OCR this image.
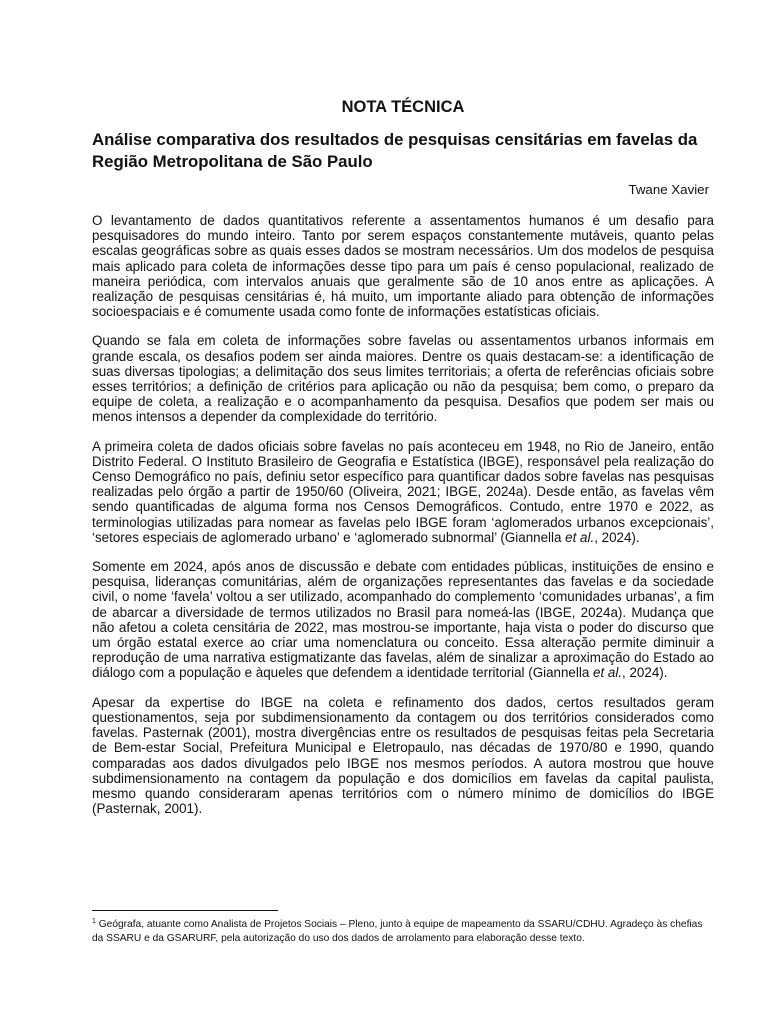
NOTA TÉCNICA
Análise comparativa dos resultados de pesquisas censitárias em favelas da Região Metropolitana de São Paulo
Twane Xavier

O levantamento de dados quantitativos referente a assentamentos humanos é um desafio para pesquisadores do mundo inteiro. Tanto por serem espaços constantemente mutáveis, quanto pelas escalas geográficas sobre as quais esses dados se mostram necessários. Um dos modelos de pesquisa mais aplicado para coleta de informações desse tipo para um país é censo populacional, realizado de maneira periódica, com intervalos anuais que geralmente são de 10 anos entre as aplicações. A realização de pesquisas censitárias é, há muito, um importante aliado para obtenção de informações socioespaciais e é comumente usada como fonte de informações estatísticas oficiais.

Quando se fala em coleta de informações sobre favelas ou assentamentos urbanos informais em grande escala, os desafios podem ser ainda maiores. Dentre os quais destacam-se: a identificação de suas diversas tipologias; a delimitação dos seus limites territoriais; a oferta de referências oficiais sobre esses territórios; a definição de critérios para aplicação ou não da pesquisa; bem como, o preparo da equipe de coleta, a realização e o acompanhamento da pesquisa. Desafios que podem ser mais ou menos intensos a depender da complexidade do território.

A primeira coleta de dados oficiais sobre favelas no país aconteceu em 1948, no Rio de Janeiro, então Distrito Federal. O Instituto Brasileiro de Geografia e Estatística (IBGE), responsável pela realização do Censo Demográfico no país, definiu setor específico para quantificar dados sobre favelas nas pesquisas realizadas pelo órgão a partir de 1950/60 (Oliveira, 2021; IBGE, 2024a). Desde então, as favelas vêm sendo quantificadas de alguma forma nos Censos Demográficos. Contudo, entre 1970 e 2022, as terminologias utilizadas para nomear as favelas pelo IBGE foram ‘aglomerados urbanos excepcionais’, ‘setores especiais de aglomerado urbano’ e ‘aglomerado subnormal’ (Giannella et al., 2024).

Somente em 2024, após anos de discussão e debate com entidades públicas, instituições de ensino e pesquisa, lideranças comunitárias, além de organizações representantes das favelas e da sociedade civil, o nome ‘favela’ voltou a ser utilizado, acompanhado do complemento ‘comunidades urbanas’, a fim de abarcar a diversidade de termos utilizados no Brasil para nomeá-las (IBGE, 2024a). Mudança que não afetou a coleta censitária de 2022, mas mostrou-se importante, haja vista o poder do discurso que um órgão estatal exerce ao criar uma nomenclatura ou conceito. Essa alteração permite diminuir a reprodução de uma narrativa estigmatizante das favelas, além de sinalizar a aproximação do Estado ao diálogo com a população e àqueles que defendem a identidade territorial (Giannella et al., 2024).

Apesar da expertise do IBGE na coleta e refinamento dos dados, certos resultados geram questionamentos, seja por subdimensionamento da contagem ou dos territórios considerados como favelas. Pasternak (2001), mostra divergências entre os resultados de pesquisas feitas pela Secretaria de Bem-estar Social, Prefeitura Municipal e Eletropaulo, nas décadas de 1970/80 e 1990, quando comparadas aos dados divulgados pelo IBGE nos mesmos períodos. A autora mostrou que houve subdimensionamento na contagem da população e dos domicílios em favelas da capital paulista, mesmo quando consideraram apenas territórios com o número mínimo de domicílios do IBGE (Pasternak, 2001).

$^1$ Geógrafa, atuante como Analista de Projetos Sociais – Pleno, junto à equipe de mapeamento da SSARU/CDHU. Agradeço às chefias da SSARU e da GSARURF, pela autorização do uso dos dados de arrolamento para elaboração desse texto.
